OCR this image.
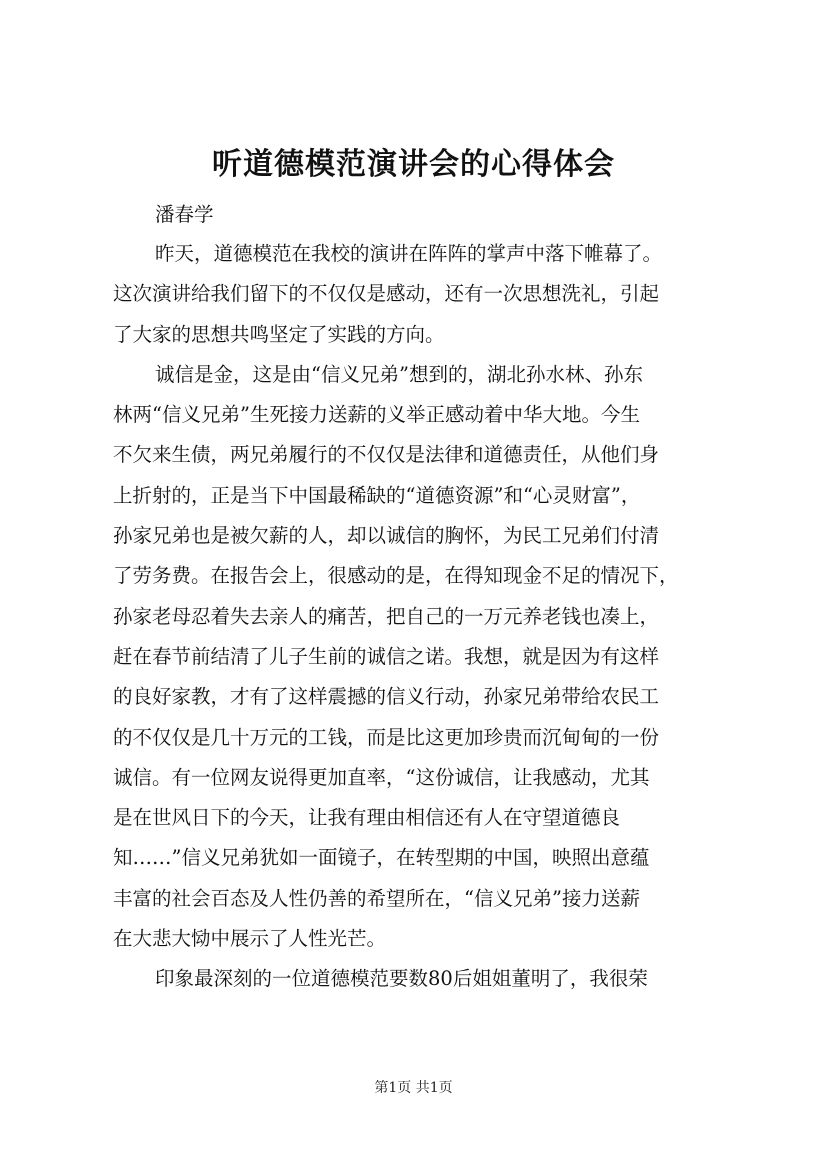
听道德模范演讲会的心得体会
潘春学
昨天，道德模范在我校的演讲在阵阵的掌声中落下帷幕了。
这次演讲给我们留下的不仅仅是感动，还有一次思想洗礼，引起
了大家的思想共鸣坚定了实践的方向。
诚信是金，这是由“信义兄弟”想到的，湖北孙水林、孙东
林两“信义兄弟”生死接力送薪的义举正感动着中华大地。今生
不欠来生债，两兄弟履行的不仅仅是法律和道德责任，从他们身
上折射的，正是当下中国最稀缺的“道德资源”和“心灵财富”，
孙家兄弟也是被欠薪的人，却以诚信的胸怀，为民工兄弟们付清
了劳务费。在报告会上，很感动的是，在得知现金不足的情况下，
孙家老母忍着失去亲人的痛苦，把自己的一万元养老钱也凑上，
赶在春节前结清了儿子生前的诚信之诺。我想，就是因为有这样
的良好家教，才有了这样震撼的信义行动，孙家兄弟带给农民工
的不仅仅是几十万元的工钱，而是比这更加珍贵而沉甸甸的一份
诚信。有一位网友说得更加直率，“这份诚信，让我感动，尤其
是在世风日下的今天，让我有理由相信还有人在守望道德良
知……”信义兄弟犹如一面镜子，在转型期的中国，映照出意蕴
丰富的社会百态及人性仍善的希望所在，“信义兄弟”接力送薪
在大悲大恸中展示了人性光芒。
印象最深刻的一位道德模范要数80后姐姐董明了，我很荣
第1页 共1页
